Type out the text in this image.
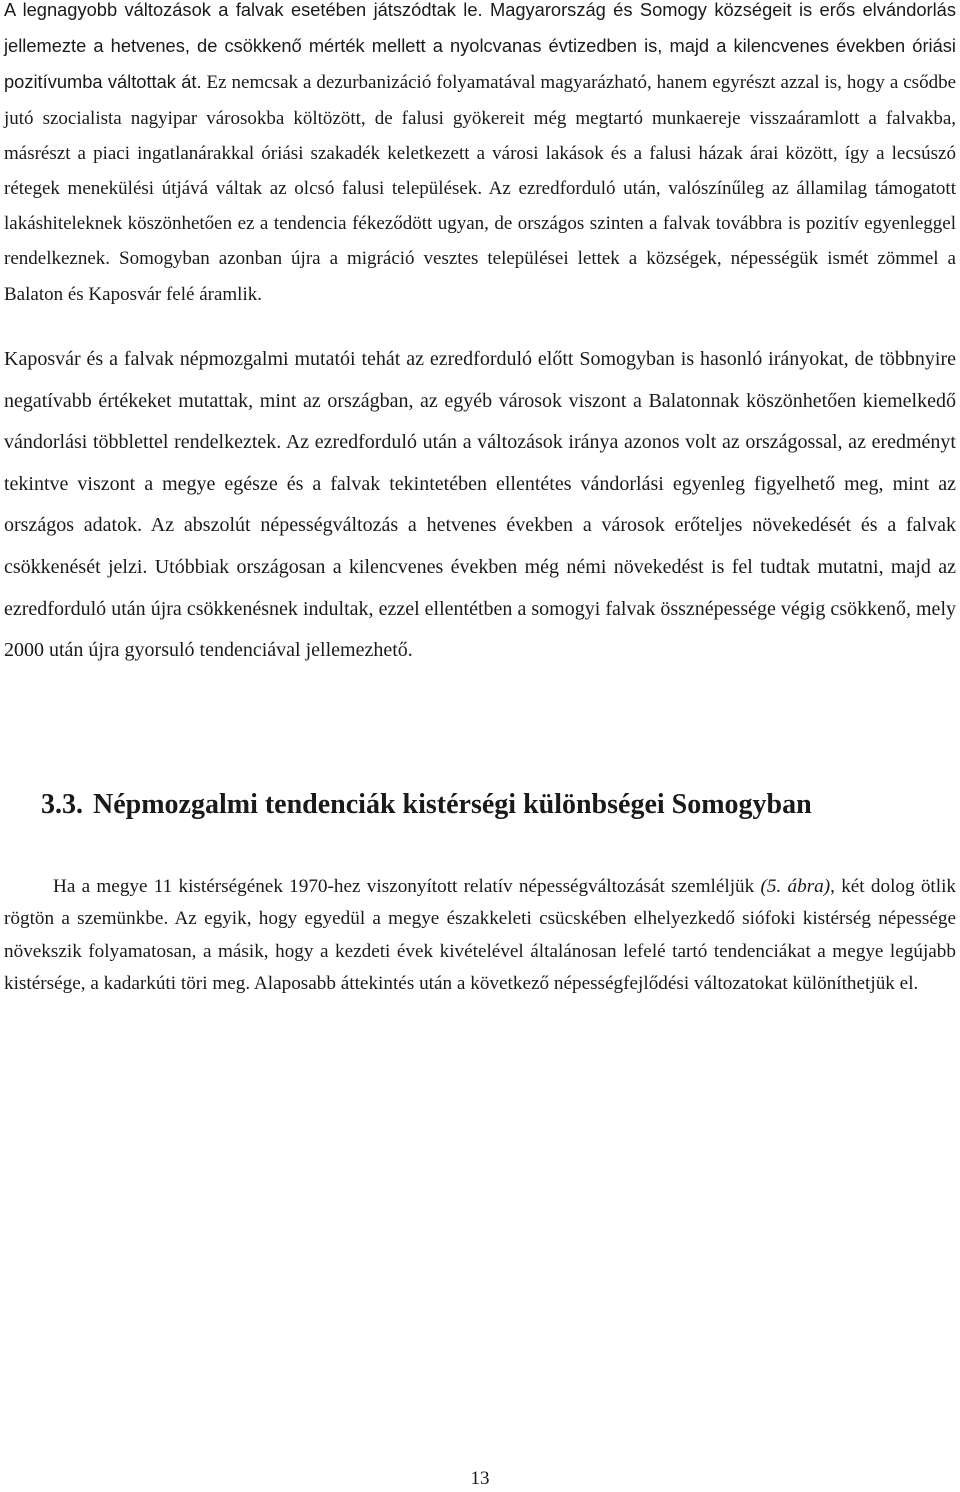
A legnagyobb változások a falvak esetében játszódtak le. Magyarország és Somogy községeit is erős elvándorlás jellemezte a hetvenes, de csökkenő mérték mellett a nyolcvanas évtizedben is, majd a kilencvenes években óriási pozitívumba váltottak át. Ez nemcsak a dezurbanizáció folyamatával magyarázható, hanem egyrészt azzal is, hogy a csődbe jutó szocialista nagyipar városokba költözött, de falusi gyökereit még megtartó munkaereje visszaáramlott a falvakba, másrészt a piaci ingatlanárakkal óriási szakadék keletkezett a városi lakások és a falusi házak árai között, így a lecsúszó rétegek menekülési útjává váltak az olcsó falusi települések. Az ezredforduló után, valószínűleg az államilag támogatott lakáshiteleknek köszönhetően ez a tendencia fékeződött ugyan, de országos szinten a falvak továbbra is pozitív egyenleggel rendelkeznek. Somogyban azonban újra a migráció vesztes települései lettek a községek, népességük ismét zömmel a Balaton és Kaposvár felé áramlik.

Kaposvár és a falvak népmozgalmi mutatói tehát az ezredforduló előtt Somogyban is hasonló irányokat, de többnyire negatívabb értékeket mutattak, mint az országban, az egyéb városok viszont a Balatonnak köszönhetően kiemelkedő vándorlási többlettel rendelkeztek. Az ezredforduló után a változások iránya azonos volt az országossal, az eredményt tekintve viszont a megye egésze és a falvak tekintetében ellentétes vándorlási egyenleg figyelhető meg, mint az országos adatok. Az abszolút népességváltozás a hetvenes években a városok erőteljes növekedését és a falvak csökkenését jelzi. Utóbbiak országosan a kilencvenes években még némi növekedést is fel tudtak mutatni, majd az ezredforduló után újra csökkenésnek indultak, ezzel ellentétben a somogyi falvak össznépessége végig csökkenő, mely 2000 után újra gyorsuló tendenciával jellemezhető.

3.3. Népmozgalmi tendenciák kistérségi különbségei Somogyban

Ha a megye 11 kistérségének 1970-hez viszonyított relatív népességváltozását szemléljük (5. ábra), két dolog ötlik rögtön a szemünkbe. Az egyik, hogy egyedül a megye északkeleti csücskében elhelyezkedő siófoki kistérség népessége növekszik folyamatosan, a másik, hogy a kezdeti évek kivételével általánosan lefelé tartó tendenciákat a megye legújabb kistérsége, a kadarkúti töri meg. Alaposabb áttekintés után a következő népességfejlődési változatokat különíthetjük el.

13
